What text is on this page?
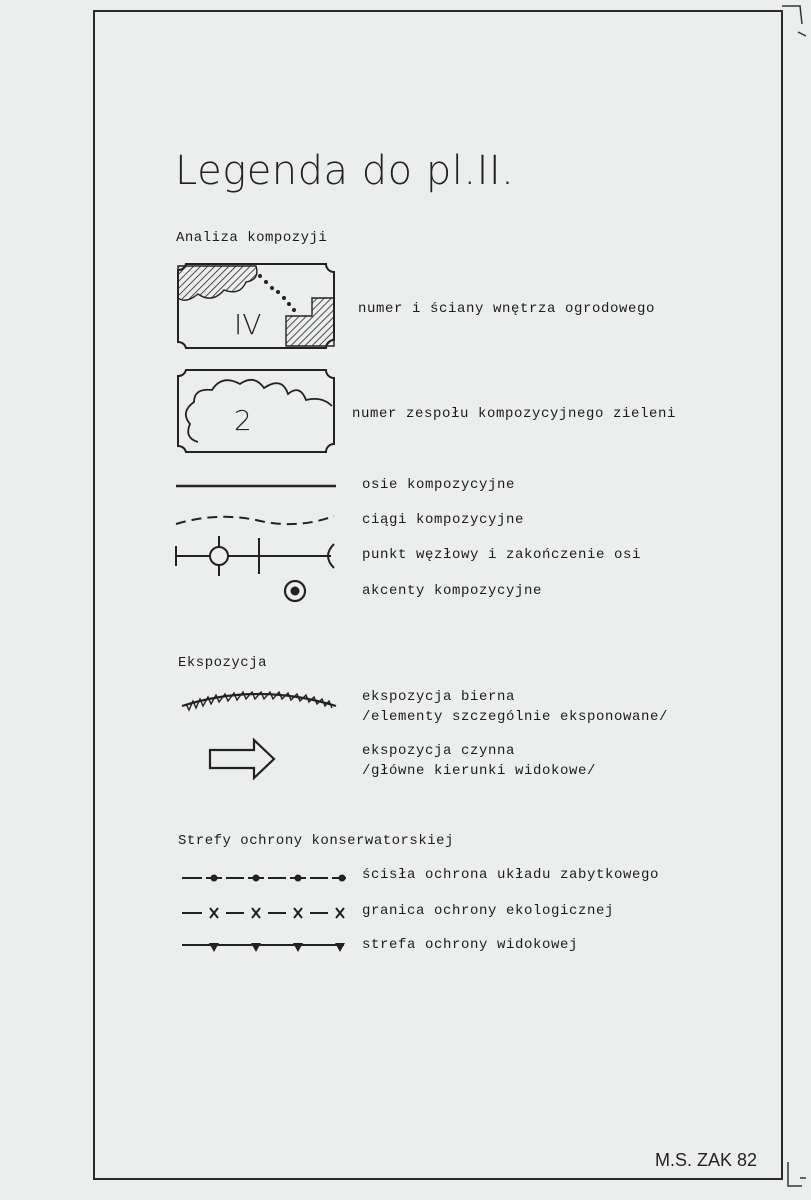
Legenda do pl.II.
Analiza kompozyji
IV	numer i ściany wnętrza ogrodowego
2	numer zespołu kompozycyjnego zieleni
osie kompozycyjne
ciągi kompozycyjne
punkt węzłowy i zakończenie osi
akcenty kompozycyjne
Ekspozycja
ekspozycja bierna
/elementy szczególnie eksponowane/
ekspozycja czynna
/główne kierunki widokowe/
Strefy ochrony konserwatorskiej
ścisła ochrona układu zabytkowego
granica ochrony ekologicznej
strefa ochrony widokowej
M.S. ZAK 82
